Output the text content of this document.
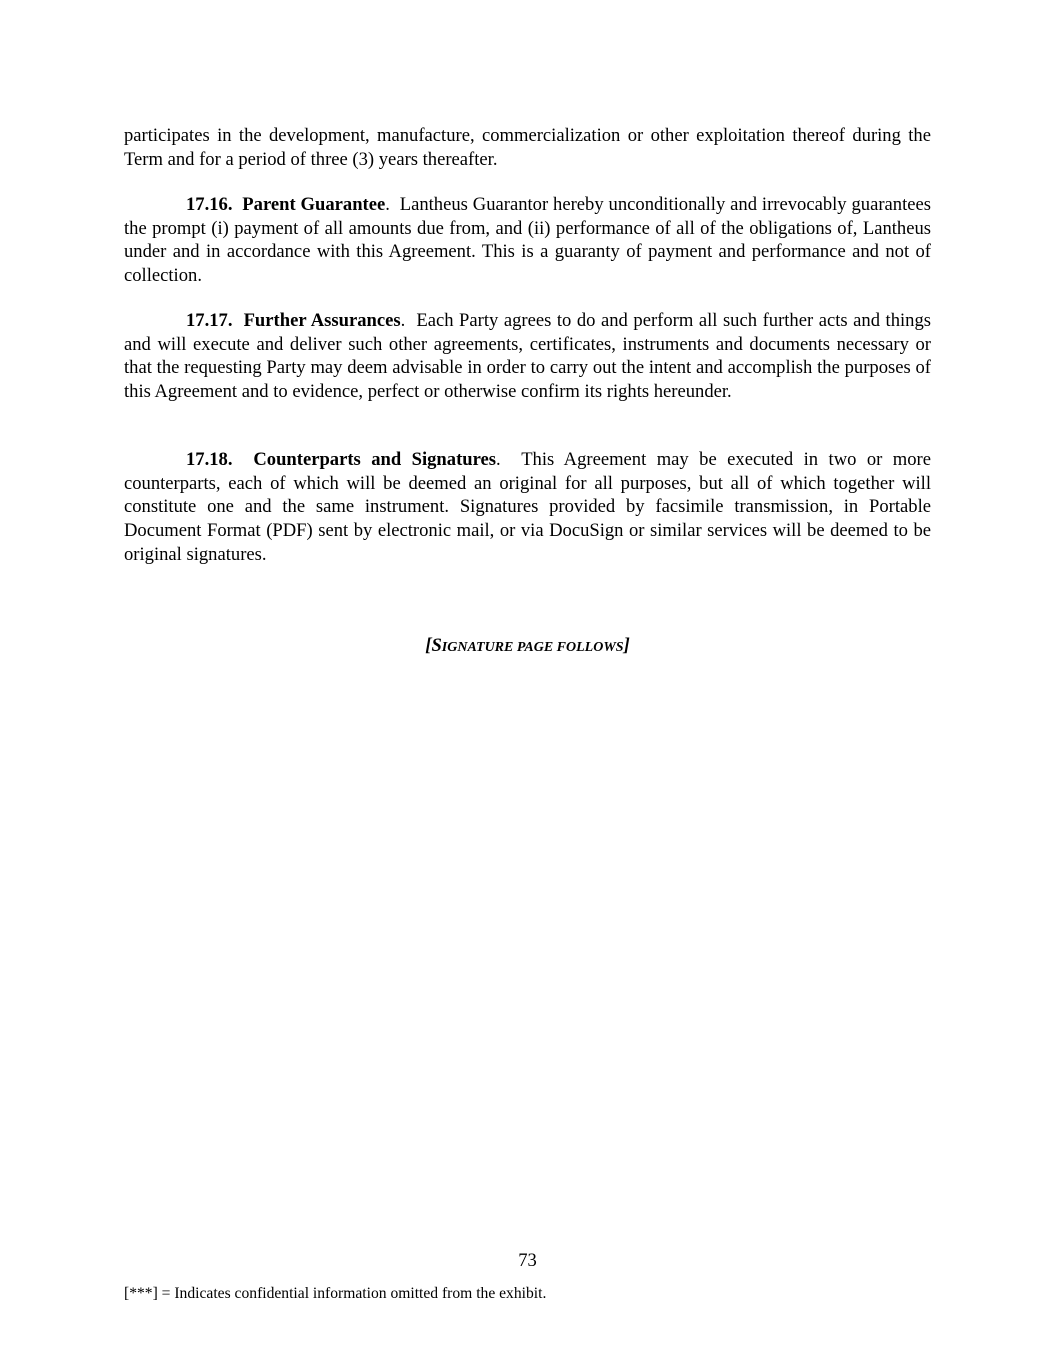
participates in the development, manufacture, commercialization or other exploitation thereof during the Term and for a period of three (3) years thereafter.

17.16. Parent Guarantee.  Lantheus Guarantor hereby unconditionally and irrevocably guarantees the prompt (i) payment of all amounts due from, and (ii) performance of all of the obligations of, Lantheus under and in accordance with this Agreement. This is a guaranty of payment and performance and not of collection.

17.17. Further Assurances.  Each Party agrees to do and perform all such further acts and things and will execute and deliver such other agreements, certificates, instruments and documents necessary or that the requesting Party may deem advisable in order to carry out the intent and accomplish the purposes of this Agreement and to evidence, perfect or otherwise confirm its rights hereunder.

17.18. Counterparts and Signatures.  This Agreement may be executed in two or more counterparts, each of which will be deemed an original for all purposes, but all of which together will constitute one and the same instrument. Signatures provided by facsimile transmission, in Portable Document Format (PDF) sent by electronic mail, or via DocuSign or similar services will be deemed to be original signatures.

[SIGNATURE PAGE FOLLOWS]
73
[***] = Indicates confidential information omitted from the exhibit.
